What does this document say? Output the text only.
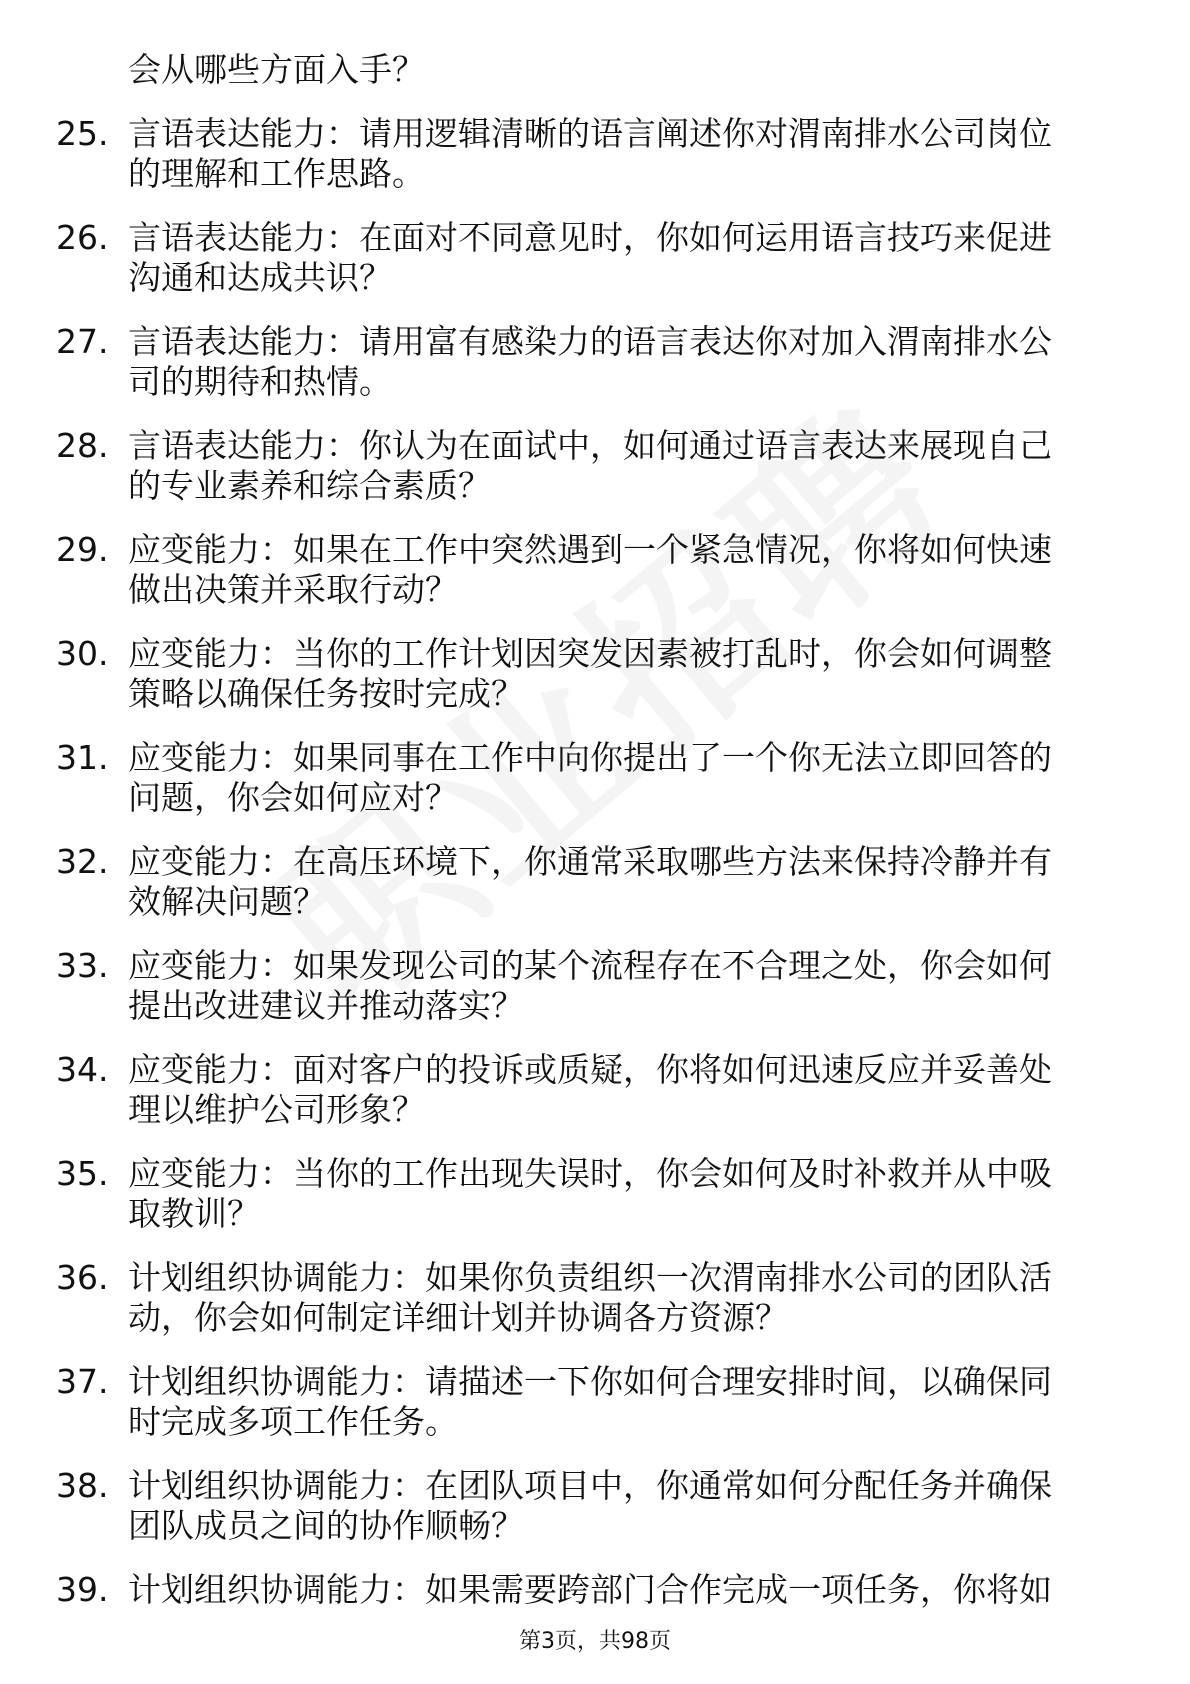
会从哪些方面入手？
25. 言语表达能力：请用逻辑清晰的语言阐述你对渭南排水公司岗位
的理解和工作思路。
26. 言语表达能力：在面对不同意见时，你如何运用语言技巧来促进
沟通和达成共识？
27. 言语表达能力：请用富有感染力的语言表达你对加入渭南排水公
司的期待和热情。
28. 言语表达能力：你认为在面试中，如何通过语言表达来展现自己
的专业素养和综合素质？
29. 应变能力：如果在工作中突然遇到一个紧急情况，你将如何快速
做出决策并采取行动？
30. 应变能力：当你的工作计划因突发因素被打乱时，你会如何调整
策略以确保任务按时完成？
31. 应变能力：如果同事在工作中向你提出了一个你无法立即回答的
问题，你会如何应对？
32. 应变能力：在高压环境下，你通常采取哪些方法来保持冷静并有
效解决问题？
33. 应变能力：如果发现公司的某个流程存在不合理之处，你会如何
提出改进建议并推动落实？
34. 应变能力：面对客户的投诉或质疑，你将如何迅速反应并妥善处
理以维护公司形象？
35. 应变能力：当你的工作出现失误时，你会如何及时补救并从中吸
取教训？
36. 计划组织协调能力：如果你负责组织一次渭南排水公司的团队活
动，你会如何制定详细计划并协调各方资源？
37. 计划组织协调能力：请描述一下你如何合理安排时间，以确保同
时完成多项工作任务。
38. 计划组织协调能力：在团队项目中，你通常如何分配任务并确保
团队成员之间的协作顺畅？
39. 计划组织协调能力：如果需要跨部门合作完成一项任务，你将如
第3页，共98页
